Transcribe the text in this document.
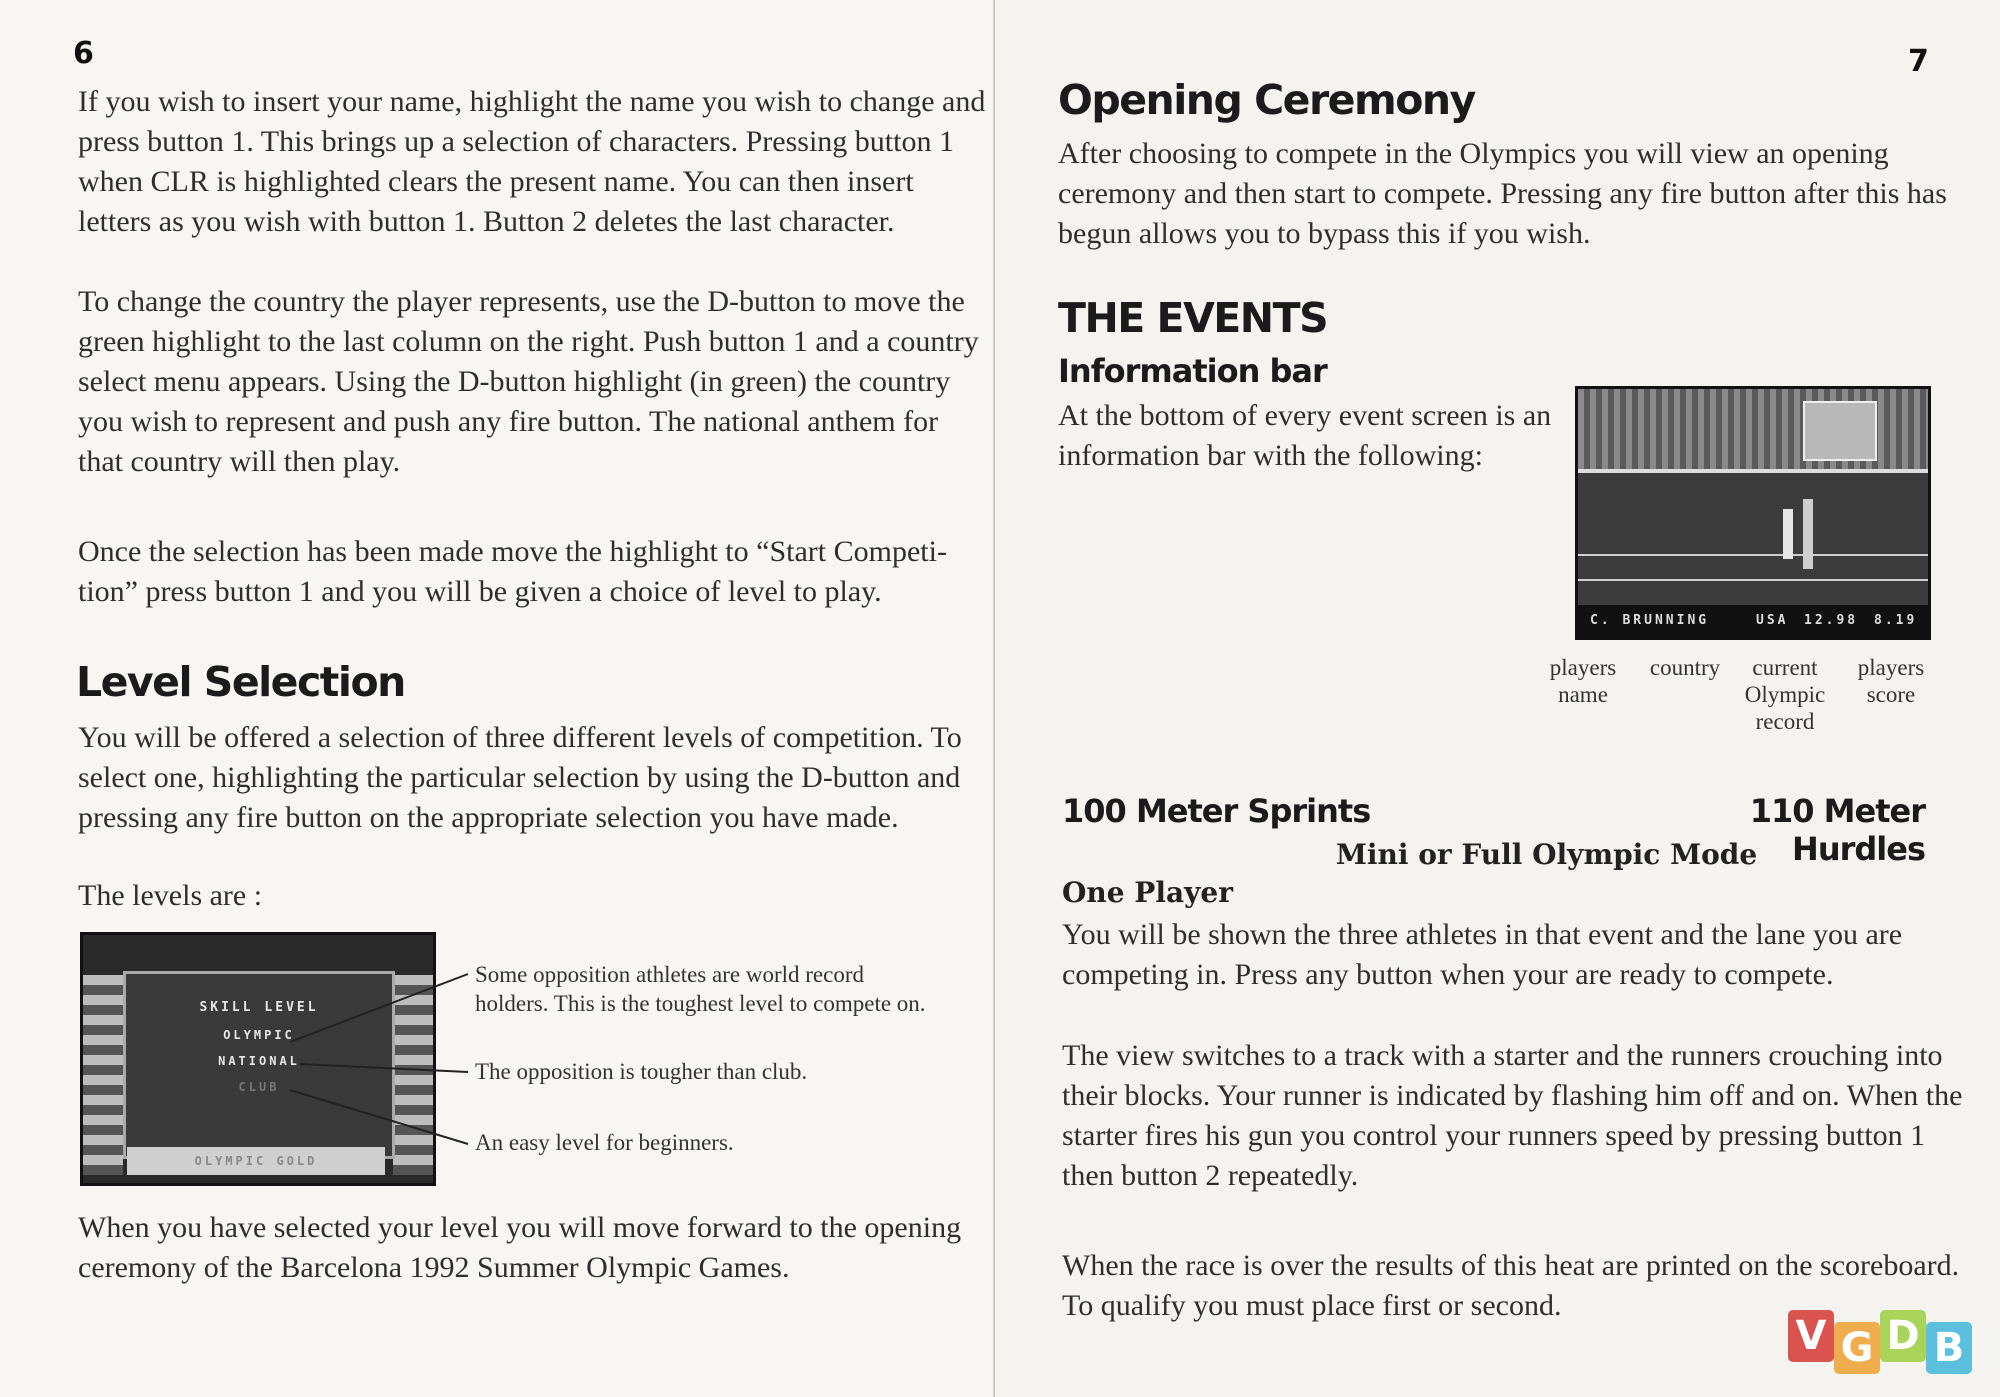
6
If you wish to insert your name, highlight the name you wish to change and
press button 1. This brings up a selection of characters. Pressing button 1
when CLR is highlighted clears the present name. You can then insert
letters as you wish with button 1. Button 2 deletes the last character.
To change the country the player represents, use the D-button to move the
green highlight to the last column on the right. Push button 1 and a country
select menu appears. Using the D-button highlight (in green) the country
you wish to represent and push any fire button. The national anthem for
that country will then play.
Once the selection has been made move the highlight to “Start Competi-
tion” press button 1 and you will be given a choice of level to play.
Level Selection
You will be offered a selection of three different levels of competition. To
select one, highlighting the particular selection by using the D-button and
pressing any fire button on the appropriate selection you have made.
The levels are :
SKILL LEVEL
OLYMPIC
NATIONAL
CLUB
OLYMPIC GOLD
Some opposition athletes are world record
holders. This is the toughest level to compete on.
The opposition is tougher than club.
An easy level for beginners.
When you have selected your level you will move forward to the opening
ceremony of the Barcelona 1992 Summer Olympic Games.
7
Opening Ceremony
After choosing to compete in the Olympics you will view an opening
ceremony and then start to compete. Pressing any fire button after this has
begun allows you to bypass this if you wish.
THE EVENTS
Information bar
At the bottom of every event screen is an
information bar with the following:
C. BRUNNING	USA 12.98 8.19
players
name
country	current
Olympic
record
players
score
100 Meter Sprints	110 Meter Hurdles
Mini or Full Olympic Mode
One Player
You will be shown the three athletes in that event and the lane you are
competing in. Press any button when your are ready to compete.
The view switches to a track with a starter and the runners crouching into
their blocks. Your runner is indicated by flashing him off and on. When the
starter fires his gun you control your runners speed by pressing button 1
then button 2 repeatedly.
When the race is over the results of this heat are printed on the scoreboard.
To qualify you must place first or second.
V G D B
